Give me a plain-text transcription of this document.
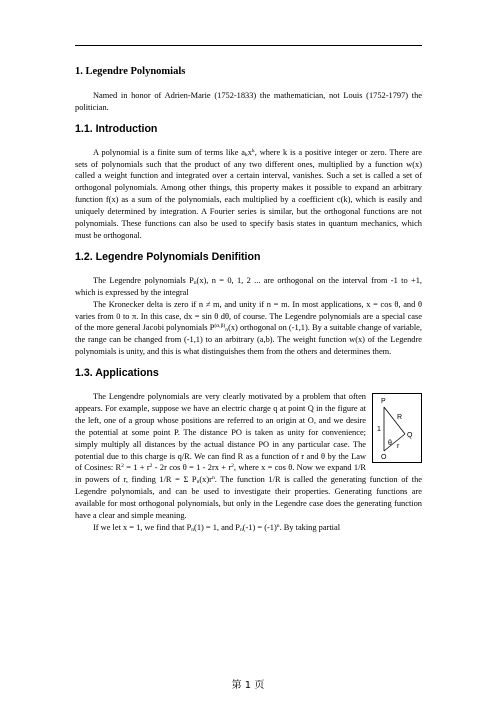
1. Legendre Polynomials

Named in honor of Adrien-Marie (1752-1833) the mathematician, not Louis (1752-1797) the politician.

1.1. Introduction

A polynomial is a finite sum of terms like $a_kx^k$, where k is a positive integer or zero. There are sets of polynomials such that the product of any two different ones, multiplied by a function w(x) called a weight function and integrated over a certain interval, vanishes. Such a set is called a set of orthogonal polynomials. Among other things, this property makes it possible to expand an arbitrary function f(x) as a sum of the polynomials, each multiplied by a coefficient c(k), which is easily and uniquely determined by integration. A Fourier series is similar, but the orthogonal functions are not polynomials. These functions can also be used to specify basis states in quantum mechanics, which must be orthogonal.

1.2. Legendre Polynomials Denifition

The Legendre polynomials $P_n(x)$, n = 0, 1, 2 ... are orthogonal on the interval from -1 to +1, which is expressed by the integral

The Kronecker delta is zero if n ≠ m, and unity if n = m. In most applications, x = cos θ, and θ varies from 0 to π. In this case, dx = sin θ dθ, of course. The Legendre polynomials are a special case of the more general Jacobi polynomials $P^{(\alpha,\beta)}_n(x)$ orthogonal on (-1,1). By a suitable change of variable, the range can be changed from (-1,1) to an arbitrary (a,b). The weight function w(x) of the Legendre polynomials is unity, and this is what distinguishes them from the others and determines them.

1.3. Applications

P
R
1
Q
θ r
O
The Lengendre polynomials are very clearly motivated by a problem that often appears. For example, suppose we have an electric charge q at point Q in the figure at the left, one of a group whose positions are referred to an origin at O, and we desire the potential at some point P. The distance PO is taken as unity for convenience; simply multiply all distances by the actual distance PO in any particular case. The potential due to this charge is q/R. We can find R as a function of r and θ by the Law of Cosines: $R^2 = 1 + r^2 - 2r$ $\cos \theta = 1 - 2rx + r^2$, where x = cos θ. Now we expand 1/R in powers of r, finding 1/R = Σ $P_n(x)r^n$. The function 1/R is called the generating function of the Legendre polynomials, and can be used to investigate their properties. Generating functions are available for most orthogonal polynomials, but only in the Legendre case does the generating function have a clear and simple meaning.

If we let x = 1, we find that $P_n(1) = 1$, and $P_n(-1) = (-1)^n$. By taking partial

第 1 页
